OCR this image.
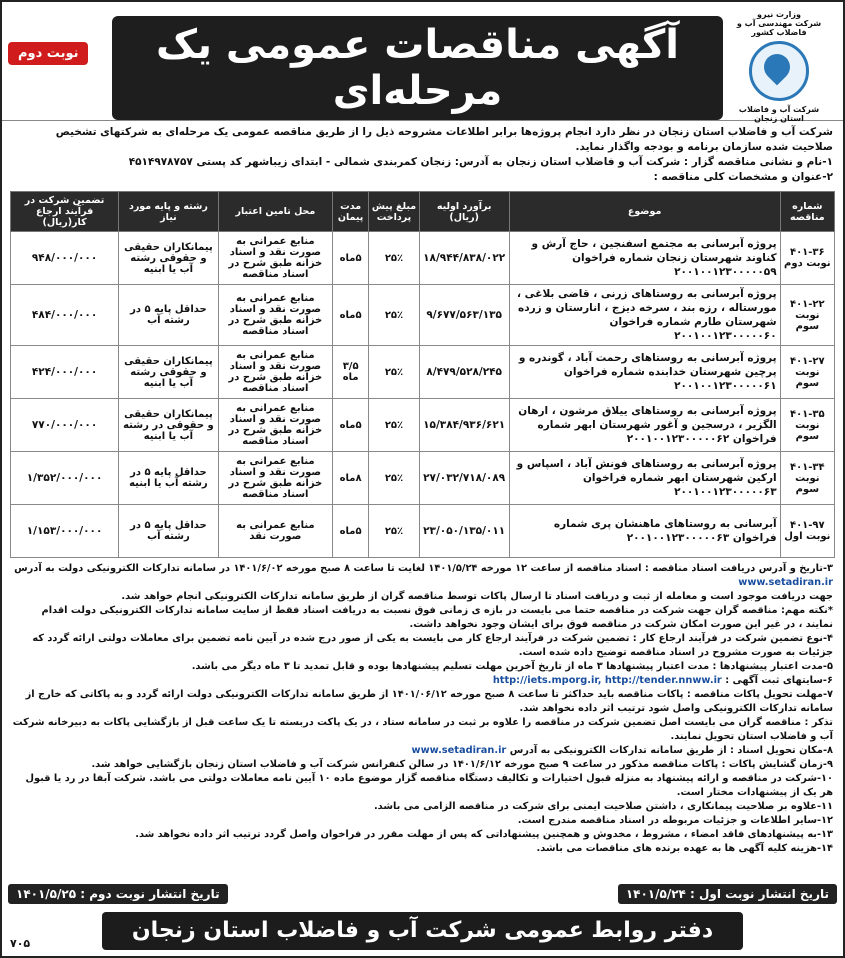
وزارت نیرو
شرکت مهندسی آب و فاضلاب کشور
شرکت آب و فاضلاب استان زنجان
آگهی مناقصات عمومی یک مرحله‌ای
نوبت دوم
شرکت آب و فاضلاب استان زنجان در نظر دارد انجام پروژه‌ها برابر اطلاعات مشروحه ذیل را از طریق مناقصه عمومی یک مرحله‌ای به شرکتهای تشخیص صلاحیت شده سازمان برنامه و بودجه واگذار نماید.
۱-نام و نشانی مناقصه گزار : شرکت آب و فاضلاب استان زنجان به آدرس: زنجان کمربندی شمالی - ابتدای زیباشهر کد پستی ۴۵۱۴۹۷۸۷۵۷
۲-عنوان و مشخصات کلی مناقصه :
شماره مناقصه	موضوع	برآورد اولیه (ریال)	مبلغ پیش پرداخت	مدت پیمان	محل تامین اعتبار	رشته و پایه مورد نیاز	تضمین شرکت در فرآیند ارجاع کار(ریال)
۴۰۱-۳۶ نوبت دوم	پروژه آبرسانی به مجتمع اسفنجین ، حاج آرش و کناوند شهرستان زنجان شماره فراخوان ۲۰۰۱۰۰۱۲۳۰۰۰۰۰۵۹	۱۸/۹۴۴/۸۳۸/۰۲۲	۲۵٪	۵ماه	منابع عمرانی به صورت نقد و اسناد خزانه طبق شرح در اسناد مناقصه	پیمانکاران حقیقی و حقوقی رشته آب یا ابنیه	۹۴۸/۰۰۰/۰۰۰
۴۰۱-۲۲ نوبت سوم	پروژه آبرسانی به روستاهای زرنی ، قاضی بلاغی ، مورستاله ، رزه بند ، سرخه دیزج ، انارستان و زرده شهرستان طارم شماره فراخوان ۲۰۰۱۰۰۱۲۳۰۰۰۰۰۶۰	۹/۶۷۷/۵۶۳/۱۳۵	۲۵٪	۵ماه	منابع عمرانی به صورت نقد و اسناد خزانه طبق شرح در اسناد مناقصه	حداقل پایه ۵ در رشته آب	۴۸۴/۰۰۰/۰۰۰
۴۰۱-۲۷ نوبت سوم	پروژه آبرسانی به روستاهای رحمت آباد ، گوندره و پرچین شهرستان خدابنده شماره فراخوان ۲۰۰۱۰۰۱۲۳۰۰۰۰۰۶۱	۸/۴۷۹/۵۲۸/۲۴۵	۲۵٪	۳/۵ ماه	منابع عمرانی به صورت نقد و اسناد خزانه طبق شرح در اسناد مناقصه	پیمانکاران حقیقی و حقوقی رشته آب یا ابنیه	۴۲۴/۰۰۰/۰۰۰
۴۰۱-۳۵ نوبت سوم	پروژه آبرسانی به روستاهای ییلاق مرشون ، ارهان الگزیر ، درسجین و آغور شهرستان ابهر شماره فراخوان ۲۰۰۱۰۰۱۲۳۰۰۰۰۰۶۲	۱۵/۳۸۴/۹۳۶/۶۲۱	۲۵٪	۵ماه	منابع عمرانی به صورت نقد و اسناد خزانه طبق شرح در اسناد مناقصه	پیمانکاران حقیقی و حقوقی در رشته آب یا ابنیه	۷۷۰/۰۰۰/۰۰۰
۴۰۱-۳۴ نوبت سوم	پروژه آبرسانی به روستاهای فونش آباد ، اسپاس و ارکین شهرستان ابهر شماره فراخوان ۲۰۰۱۰۰۱۲۳۰۰۰۰۰۶۳	۲۷/۰۳۲/۷۱۸/۰۸۹	۲۵٪	۸ماه	منابع عمرانی به صورت نقد و اسناد خزانه طبق شرح در اسناد مناقصه	حداقل پایه ۵ در رشته آب یا ابنیه	۱/۳۵۲/۰۰۰/۰۰۰
۴۰۱-۹۷ نوبت اول	آبرسانی به روستاهای ماهنشان پری شماره فراخوان ۲۰۰۱۰۰۱۲۳۰۰۰۰۰۶۳	۲۳/۰۵۰/۱۳۵/۰۱۱	۲۵٪	۵ماه	منابع عمرانی به صورت نقد	حداقل پایه ۵ در رشته آب	۱/۱۵۳/۰۰۰/۰۰۰
۳-تاریخ و آدرس دریافت اسناد مناقصه : اسناد مناقصه از ساعت ۱۲ مورخه ۱۴۰۱/۵/۲۴ لغایت تا ساعت ۸ صبح مورخه ۱۴۰۱/۶/۰۲ در سامانه تدارکات الکترونیکی دولت به آدرس www.setadiran.ir
جهت دریافت موجود است و معامله از ثبت و دریافت اسناد تا ارسال پاکات توسط مناقصه گران از طریق سامانه تدارکات الکترونیکی انجام خواهد شد.
*نکته مهم: مناقصه گران جهت شرکت در مناقصه حتما می بایست در بازه ی زمانی فوق نسبت به دریافت اسناد فقط از سایت سامانه تدارکات الکترونیکی دولت اقدام نمایند ، در غیر این صورت امکان شرکت در مناقصه فوق برای ایشان وجود نخواهد داشت.
۴-نوع تضمین شرکت در فرآیند ارجاع کار : تضمین شرکت در فرآیند ارجاع کار می بایست به یکی از صور درج شده در آیین نامه تضمین برای معاملات دولتی ارائه گردد که جزئیات به صورت مشروح در اسناد مناقصه توضیح داده شده است.
۵-مدت اعتبار پیشنهادها : مدت اعتبار پیشنهادها ۳ ماه از تاریخ آخرین مهلت تسلیم پیشنهادها بوده و قابل تمدید تا ۳ ماه دیگر می باشد.
۶-سایتهای ثبت آگهی : http://iets.mporg.ir, http://tender.nnww.ir
۷-مهلت تحویل پاکات مناقصه : پاکات مناقصه باید حداکثر تا ساعت ۸ صبح مورخه ۱۴۰۱/۰۶/۱۲ از طریق سامانه تدارکات الکترونیکی دولت ارائه گردد و به پاکاتی که خارج از سامانه تدارکات الکترونیکی واصل شود ترتیب اثر داده نخواهد شد.
تذکر : مناقصه گران می بایست اصل تضمین شرکت در مناقصه را علاوه بر ثبت در سامانه ستاد ، در یک پاکت دربسته تا یک ساعت قبل از بازگشایی پاکات به دبیرخانه شرکت آب و فاضلاب استان تحویل نمایند.
۸-مکان تحویل اسناد : از طریق سامانه تدارکات الکترونیکی به آدرس www.setadiran.ir
۹-زمان گشایش پاکات : پاکات مناقصه مذکور در ساعت ۹ صبح مورخه ۱۴۰۱/۶/۱۲ در سالن کنفرانس شرکت آب و فاضلاب استان زنجان بازگشایی خواهد شد.
۱۰-شرکت در مناقصه و ارائه پیشنهاد به منزله قبول اختیارات و تکالیف دستگاه مناقصه گزار موضوع ماده ۱۰ آیین نامه معاملات دولتی می باشد. شرکت آبفا در رد یا قبول هر یک از پیشنهادات مختار است.
۱۱-علاوه بر صلاحیت پیمانکاری ، داشتن صلاحیت ایمنی برای شرکت در مناقصه الزامی می باشد.
۱۲-سایر اطلاعات و جزئیات مربوطه در اسناد مناقصه مندرج است.
۱۳-به پیشنهادهای فاقد امضاء ، مشروط ، مخدوش و همچنین پیشنهاداتی که پس از مهلت مقرر در فراخوان واصل گردد ترتیب اثر داده نخواهد شد.
۱۴-هزینه کلیه آگهی ها به عهده برنده های مناقصات می باشد.
تاریخ انتشار نوبت اول : ۱۴۰۱/۵/۲۴
تاریخ انتشار نوبت دوم : ۱۴۰۱/۵/۲۵
دفتر روابط عمومی شرکت آب و فاضلاب استان زنجان
۷۰۵
